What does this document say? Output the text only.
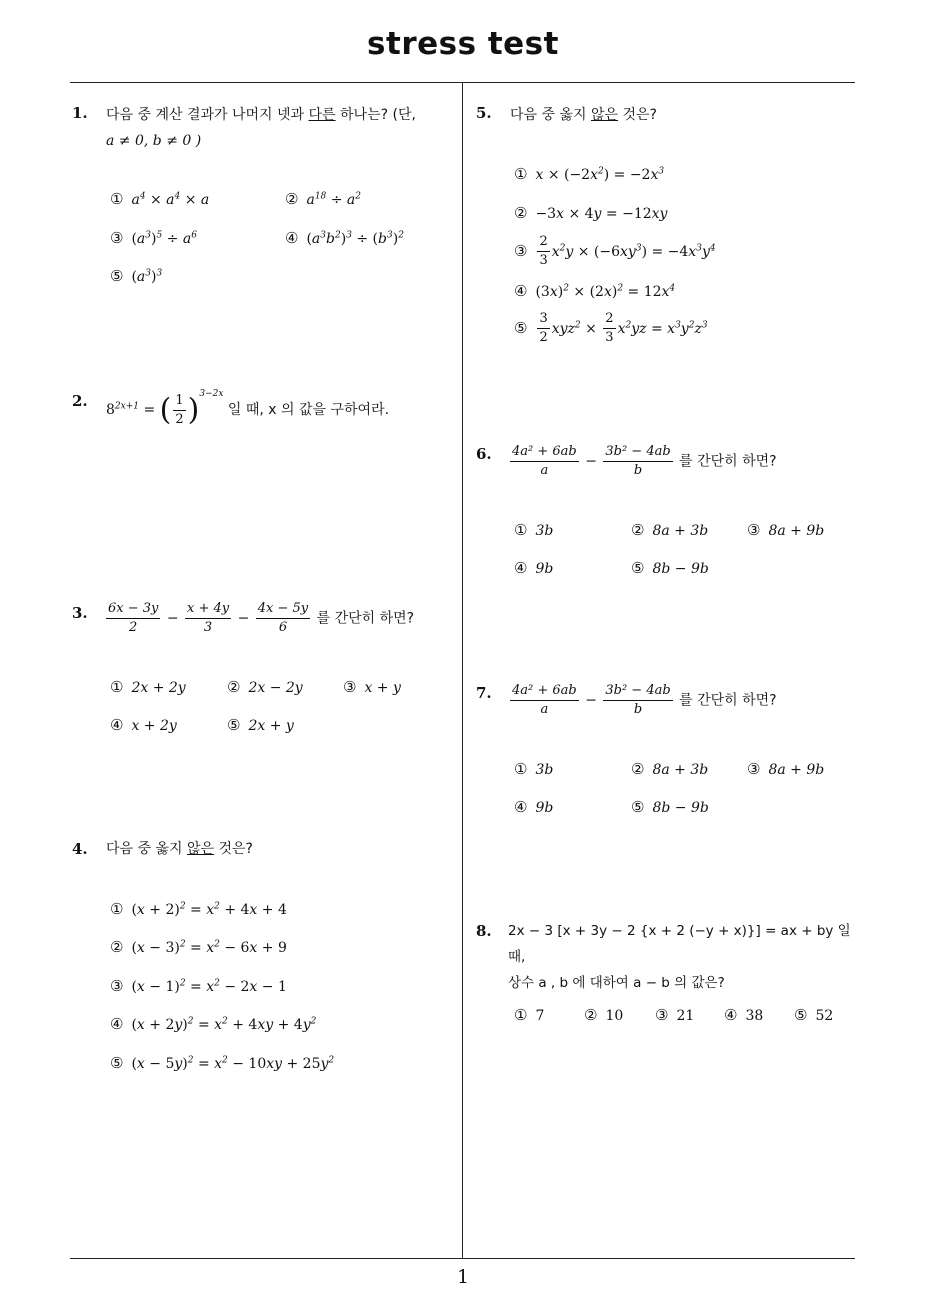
stress test
1
1. 다음 중 계산 결과가 나머지 넷과 다른 하나는? (단,
a ≠ 0, b ≠ 0 )
① $a^4 \times a^4 \times a$	② $a^{18} \div a^2$
③ $(a^3)^5 \div a^6$	④ $(a^3b^2)^3 \div (b^3)^2$
⑤ $(a^3)^3$
2. $8^{2x+1}$ = ( $\frac{1}{2} )^{3-2x}$ 일 때, x 의 값을 구하여라.
3. $\frac{6x - 3y}{2} - \frac{x + 4y}{3} - \frac{4x - 5y}{6}$ 를 간단히 하면?
① 2x + 2y	② 2x − 2y	③ x + y
④ x + 2y	⑤ 2x + y
4. 다음 중 옳지 않은 것은?
① $(x + 2)^2 = x^2 + 4x + 4$
② $(x - 3)^2 = x^2 - 6x + 9$
③ $(x - 1)^2 = x^2 - 2x - 1$
④ $(x + 2y)^2 = x^2 + 4xy + 4y^2$
⑤ $(x - 5y)^2 = x^2 - 10xy + 25y^2$
5. 다음 중 옳지 않은 것은?
① $x \times (-2x^2) = -2x^3$
② −3x × 4y = −12xy
③ $\frac{2}{3} x^2y \times (-6xy^3) = -4x^3y^4$
④ $(3x)^2 \times (2x)^2 = 12x^4$
⑤ $\frac{3}{2} xyz^2 \times \frac{2}{3} x^2yz = x^3y^2z^3$
6. $\frac{\text{4a² + 6ab}}{a} - \frac{\text{3b² − 4ab}}{b}$ 를 간단히 하면?
① 3b	② 8a + 3b	③ 8a + 9b
④ 9b	⑤ 8b − 9b
7. $\frac{\text{4a² + 6ab}}{a} - \frac{\text{3b² − 4ab}}{b}$ 를 간단히 하면?
① 3b	② 8a + 3b	③ 8a + 9b
④ 9b	⑤ 8b − 9b
8. 2x − 3 [x + 3y − 2 {x + 2 (−y + x)}] = ax + by 일 때,
상수 a , b 에 대하여 a − b 의 값은?
① 7	② 10 ③ 21 ④ 38 ⑤ 52
